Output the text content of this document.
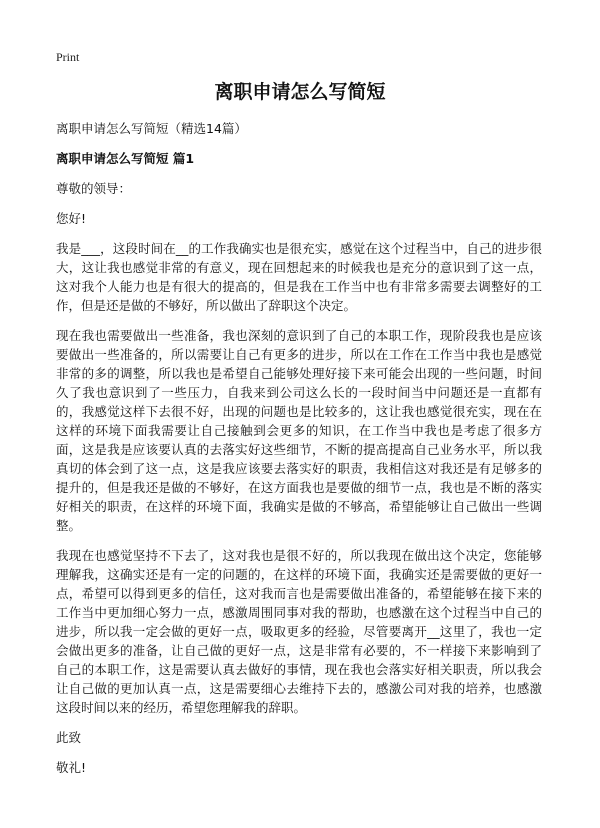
Print
离职申请怎么写简短

离职申请怎么写简短（精选14篇）

离职申请怎么写简短 篇1

尊敬的领导：

您好!

我是___，这段时间在__的工作我确实也是很充实，感觉在这个过程当中，自己的进步很大，这让我也感觉非常的有意义，现在回想起来的时候我也是充分的意识到了这一点，这对我个人能力也是有很大的提高的，但是我在工作当中也有非常多需要去调整好的工作，但是还是做的不够好，所以做出了辞职这个决定。

现在我也需要做出一些准备，我也深刻的意识到了自己的本职工作，现阶段我也是应该要做出一些准备的，所以需要让自己有更多的进步，所以在工作在工作当中我也是感觉非常的多的调整，所以我也是希望自己能够处理好接下来可能会出现的一些问题，时间久了我也意识到了一些压力，自我来到公司这么长的一段时间当中问题还是一直都有的，我感觉这样下去很不好，出现的问题也是比较多的，这让我也感觉很充实，现在在这样的环境下面我需要让自己接触到会更多的知识，在工作当中我也是考虑了很多方面，这是我是应该要认真的去落实好这些细节，不断的提高提高自己业务水平，所以我真切的体会到了这一点，这是我应该要去落实好的职责，我相信这对我还是有足够多的提升的，但是我还是做的不够好，在这方面我也是要做的细节一点，我也是不断的落实好相关的职责，在这样的环境下面，我确实是做的不够高，希望能够让自己做出一些调整。

我现在也感觉坚持不下去了，这对我也是很不好的，所以我现在做出这个决定，您能够理解我，这确实还是有一定的问题的，在这样的环境下面，我确实还是需要做的更好一点，希望可以得到更多的信任，这对我而言也是需要做出准备的，希望能够在接下来的工作当中更加细心努力一点，感激周围同事对我的帮助，也感激在这个过程当中自己的进步，所以我一定会做的更好一点，吸取更多的经验，尽管要离开__这里了，我也一定会做出更多的准备，让自己做的更好一点，这是非常有必要的，不一样接下来影响到了自己的本职工作，这是需要认真去做好的事情，现在我也会落实好相关职责，所以我会让自己做的更加认真一点，这是需要细心去维持下去的，感激公司对我的培养，也感激这段时间以来的经历，希望您理解我的辞职。

此致

敬礼!
